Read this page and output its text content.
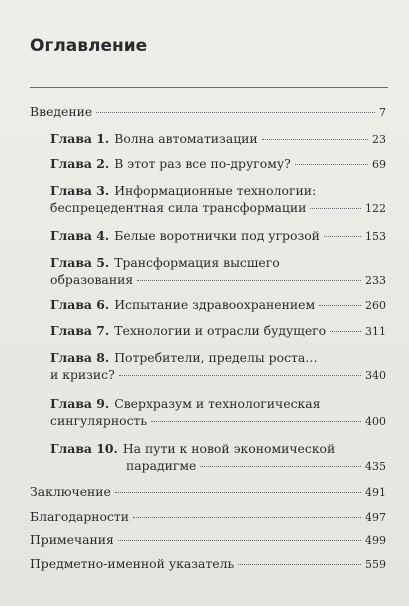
Оглавление
Введение	7
Глава 1. Волна автоматизации	23
Глава 2. В этот раз все по-другому?	69
Глава 3. Информационные технологии:
беспрецедентная сила трансформации	122
Глава 4. Белые воротнички под угрозой	153
Глава 5. Трансформация высшего
образования	233
Глава 6. Испытание здравоохранением	260
Глава 7. Технологии и отрасли будущего	311
Глава 8. Потребители, пределы роста…
и кризис?	340
Глава 9. Сверхразум и технологическая
сингулярность	400
Глава 10. На пути к новой экономической
парадигме	435
Заключение	491
Благодарности	497
Примечания	499
Предметно-именной указатель	559
